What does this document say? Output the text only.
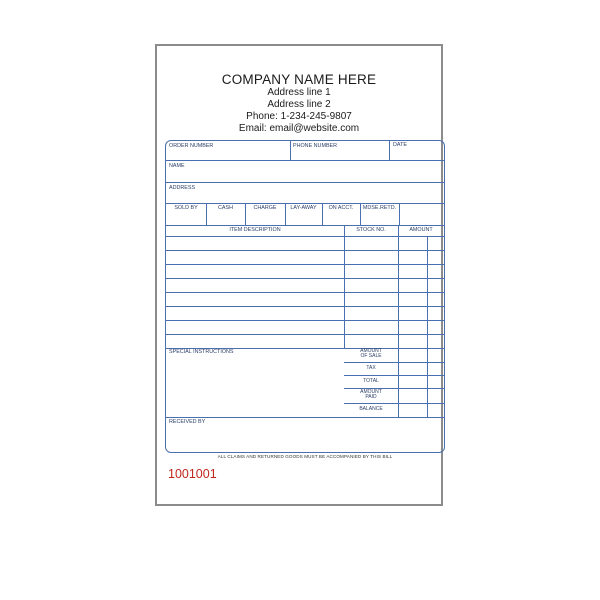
COMPANY NAME HERE
Address line 1
Address line 2
Phone: 1-234-245-9807
Email: email@website.com
ORDER NUMBER	PHONE NUMBER	DATE
NAME
ADDRESS
SOLD BY	CASH	CHARGE	LAY-AWAY	ON ACCT.	MDSE.RETD.
ITEM DESCRIPTION	STOCK NO.	AMOUNT
SPECIAL INSTRUCTIONS	AMOUNT
OF SALE
TAX
TOTAL
AMOUNT
PAID
BALANCE
RECEIVED BY
ALL CLAIMS AND RETURNED GOODS MUST BE ACCOMPANIED BY THIS BILL
1001001
